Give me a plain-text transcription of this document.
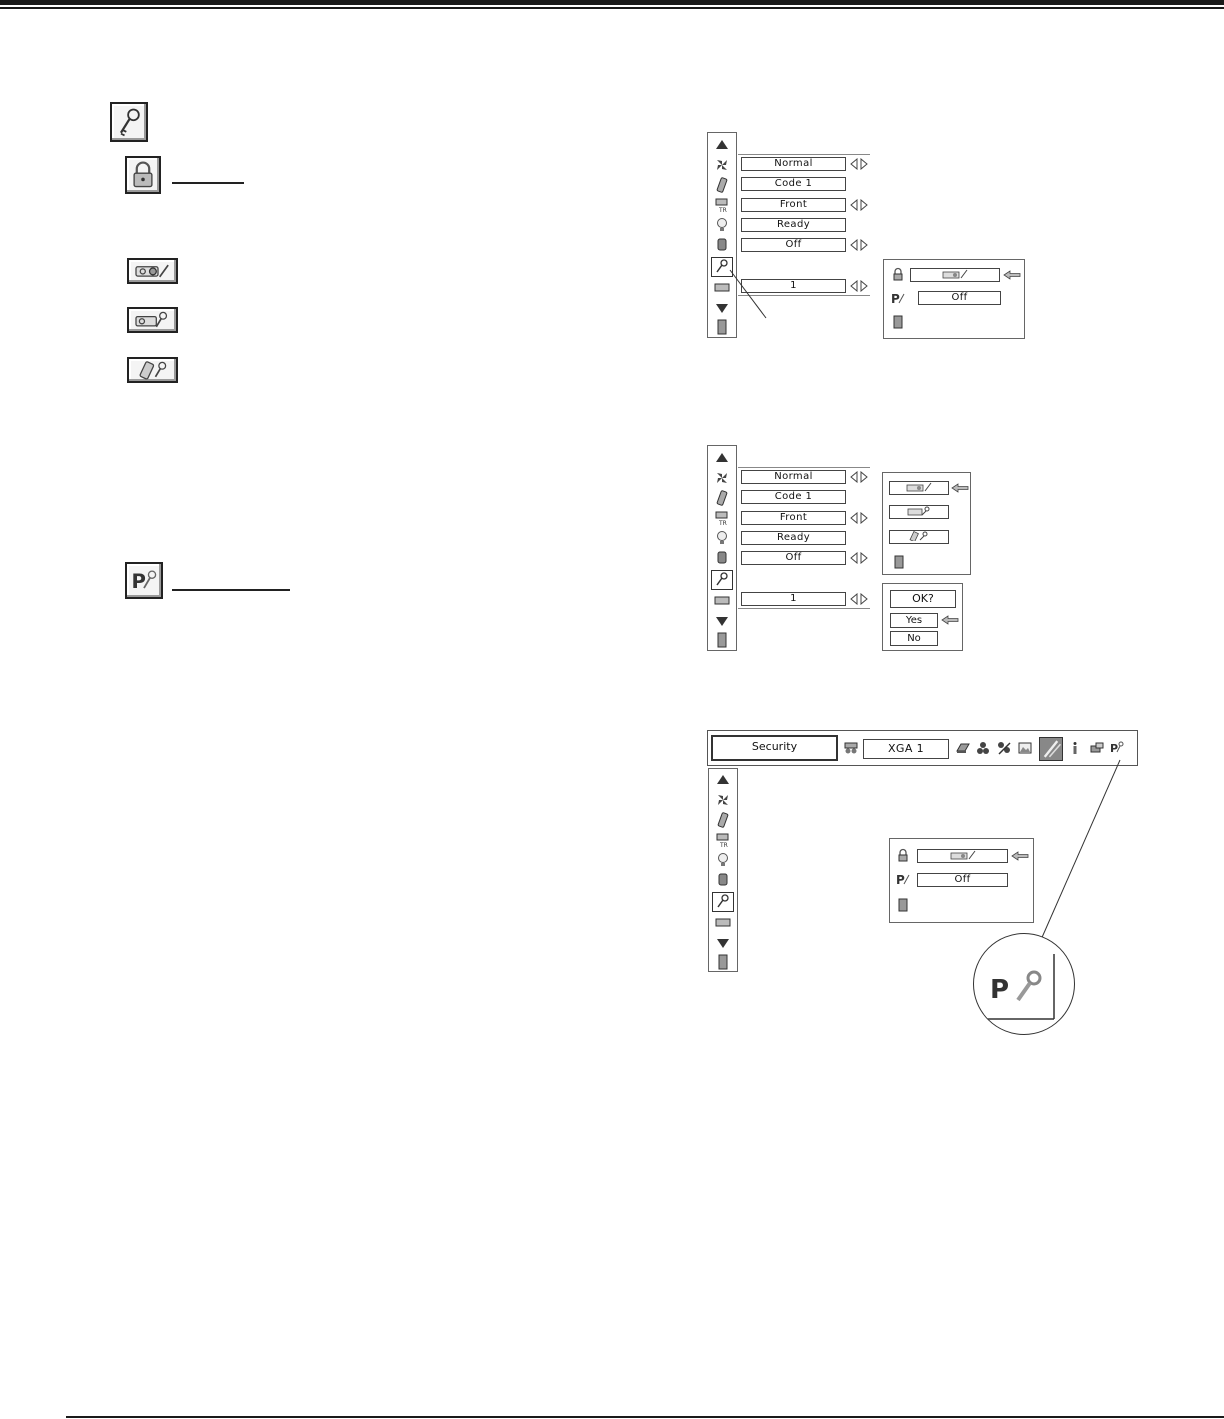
P
TR
Normal
Code 1
Front
Ready
Off
1
P	Off
TR
Normal
Code 1
Front
Ready
Off
1	OK?
Yes
No
Security	XGA 1	P
TR
P	Off
P
